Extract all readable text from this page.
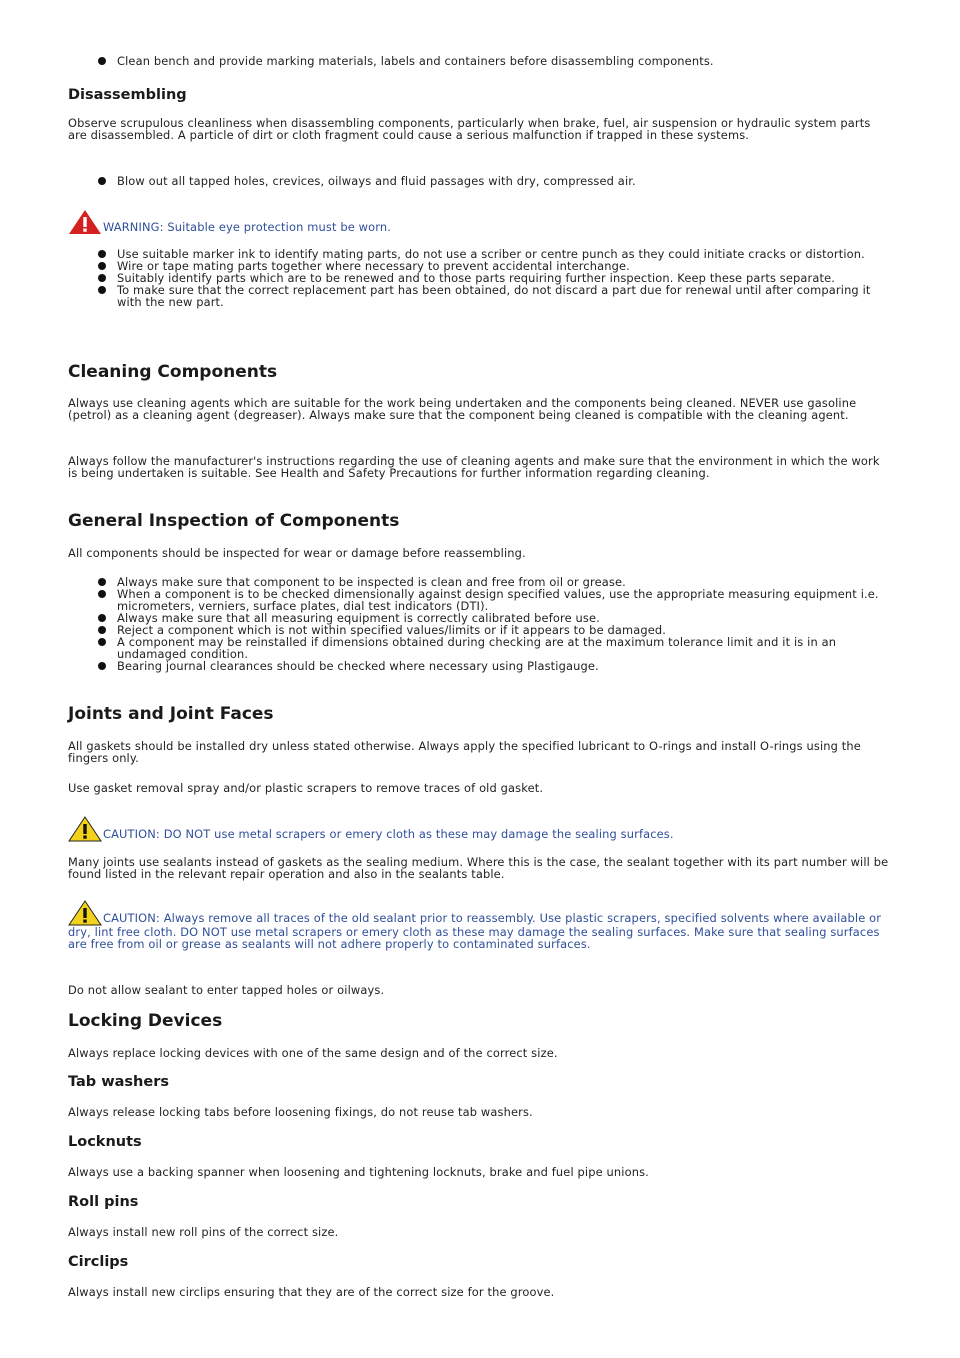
Clean bench and provide marking materials, labels and containers before disassembling components.
Disassembling

Observe scrupulous cleanliness when disassembling components, particularly when brake, fuel, air suspension or hydraulic system parts are disassembled. A particle of dirt or cloth fragment could cause a serious malfunction if trapped in these systems.

Blow out all tapped holes, crevices, oilways and fluid passages with dry, compressed air.
WARNING: Suitable eye protection must be worn.
Use suitable marker ink to identify mating parts, do not use a scriber or centre punch as they could initiate cracks or distortion.
Wire or tape mating parts together where necessary to prevent accidental interchange.
Suitably identify parts which are to be renewed and to those parts requiring further inspection. Keep these parts separate.
To make sure that the correct replacement part has been obtained, do not discard a part due for renewal until after comparing it with the new part.
Cleaning Components

Always use cleaning agents which are suitable for the work being undertaken and the components being cleaned. NEVER use gasoline (petrol) as a cleaning agent (degreaser). Always make sure that the component being cleaned is compatible with the cleaning agent.

Always follow the manufacturer's instructions regarding the use of cleaning agents and make sure that the environment in which the work is being undertaken is suitable. See Health and Safety Precautions for further information regarding cleaning.

General Inspection of Components

All components should be inspected for wear or damage before reassembling.

Always make sure that component to be inspected is clean and free from oil or grease.
When a component is to be checked dimensionally against design specified values, use the appropriate measuring equipment i.e. micrometers, verniers, surface plates, dial test indicators (DTI).
Always make sure that all measuring equipment is correctly calibrated before use.
Reject a component which is not within specified values/limits or if it appears to be damaged.
A component may be reinstalled if dimensions obtained during checking are at the maximum tolerance limit and it is in an undamaged condition.
Bearing journal clearances should be checked where necessary using Plastigauge.
Joints and Joint Faces

All gaskets should be installed dry unless stated otherwise. Always apply the specified lubricant to O-rings and install O-rings using the fingers only.

Use gasket removal spray and/or plastic scrapers to remove traces of old gasket.

CAUTION: DO NOT use metal scrapers or emery cloth as these may damage the sealing surfaces.

Many joints use sealants instead of gaskets as the sealing medium. Where this is the case, the sealant together with its part number will be found listed in the relevant repair operation and also in the sealants table.

CAUTION: Always remove all traces of the old sealant prior to reassembly. Use plastic scrapers, specified solvents where available or dry, lint free cloth. DO NOT use metal scrapers or emery cloth as these may damage the sealing surfaces. Make sure that sealing surfaces are free from oil or grease as sealants will not adhere properly to contaminated surfaces.

Do not allow sealant to enter tapped holes or oilways.

Locking Devices

Always replace locking devices with one of the same design and of the correct size.

Tab washers

Always release locking tabs before loosening fixings, do not reuse tab washers.

Locknuts

Always use a backing spanner when loosening and tightening locknuts, brake and fuel pipe unions.

Roll pins

Always install new roll pins of the correct size.

Circlips

Always install new circlips ensuring that they are of the correct size for the groove.
